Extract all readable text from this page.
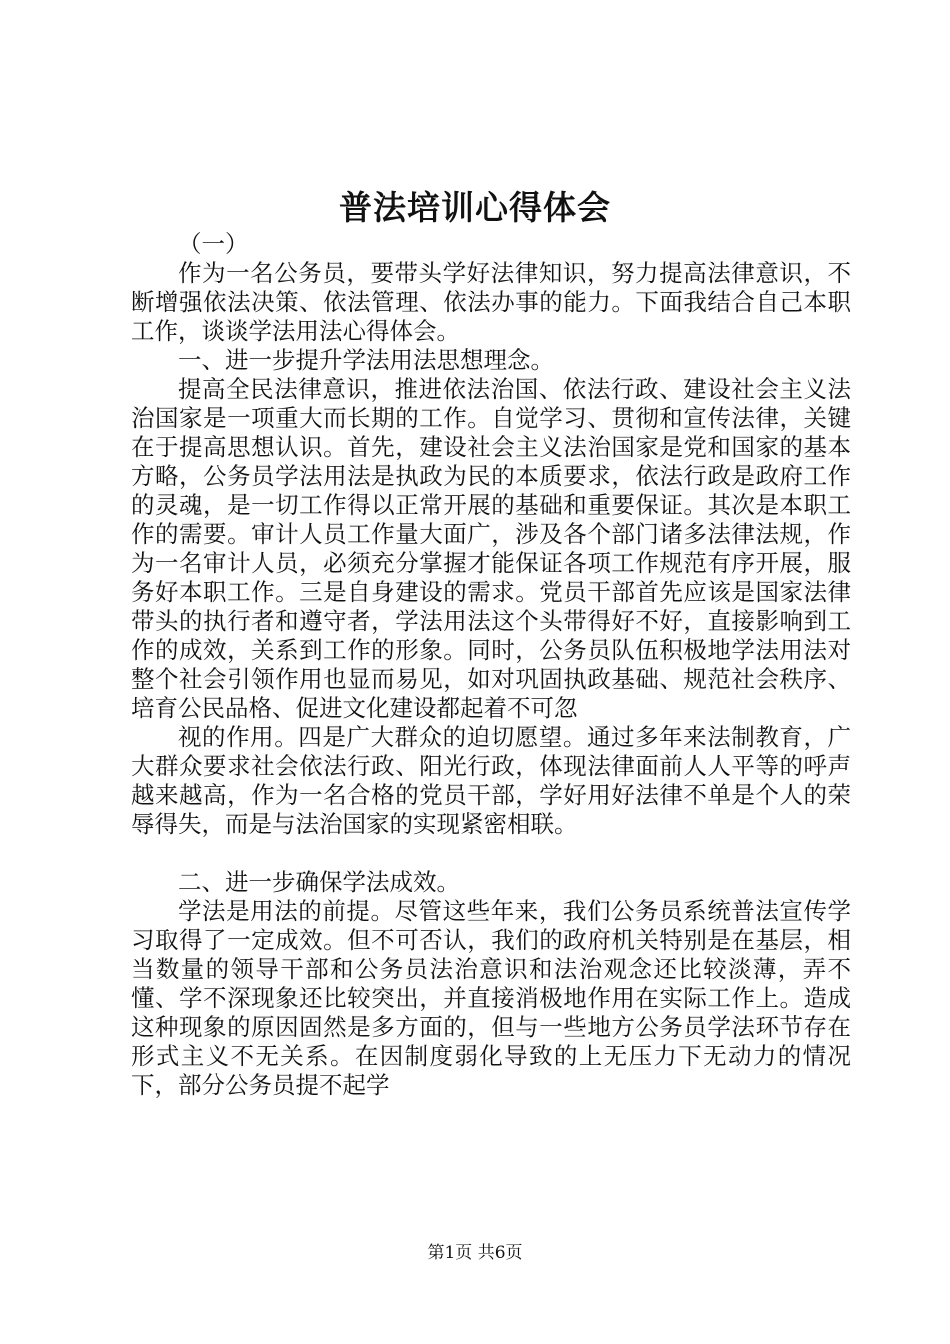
普法培训心得体会

（一）

作为一名公务员，要带头学好法律知识，努力提高法律意识，不断增强依法决策、依法管理、依法办事的能力。下面我结合自己本职工作，谈谈学法用法心得体会。

一、进一步提升学法用法思想理念。

提高全民法律意识，推进依法治国、依法行政、建设社会主义法治国家是一项重大而长期的工作。自觉学习、贯彻和宣传法律，关键在于提高思想认识。首先，建设社会主义法治国家是党和国家的基本方略，公务员学法用法是执政为民的本质要求，依法行政是政府工作的灵魂，是一切工作得以正常开展的基础和重要保证。其次是本职工作的需要。审计人员工作量大面广，涉及各个部门诸多法律法规，作为一名审计人员，必须充分掌握才能保证各项工作规范有序开展，服务好本职工作。三是自身建设的需求。党员干部首先应该是国家法律带头的执行者和遵守者，学法用法这个头带得好不好，直接影响到工作的成效，关系到工作的形象。同时，公务员队伍积极地学法用法对整个社会引领作用也显而易见，如对巩固执政基础、规范社会秩序、培育公民品格、促进文化建设都起着不可忽

视的作用。四是广大群众的迫切愿望。通过多年来法制教育，广大群众要求社会依法行政、阳光行政，体现法律面前人人平等的呼声越来越高，作为一名合格的党员干部，学好用好法律不单是个人的荣辱得失，而是与法治国家的实现紧密相联。

二、进一步确保学法成效。

学法是用法的前提。尽管这些年来，我们公务员系统普法宣传学习取得了一定成效。但不可否认，我们的政府机关特别是在基层，相当数量的领导干部和公务员法治意识和法治观念还比较淡薄，弄不懂、学不深现象还比较突出，并直接消极地作用在实际工作上。造成这种现象的原因固然是多方面的，但与一些地方公务员学法环节存在形式主义不无关系。在因制度弱化导致的上无压力下无动力的情况下，部分公务员提不起学

第1页 共6页
